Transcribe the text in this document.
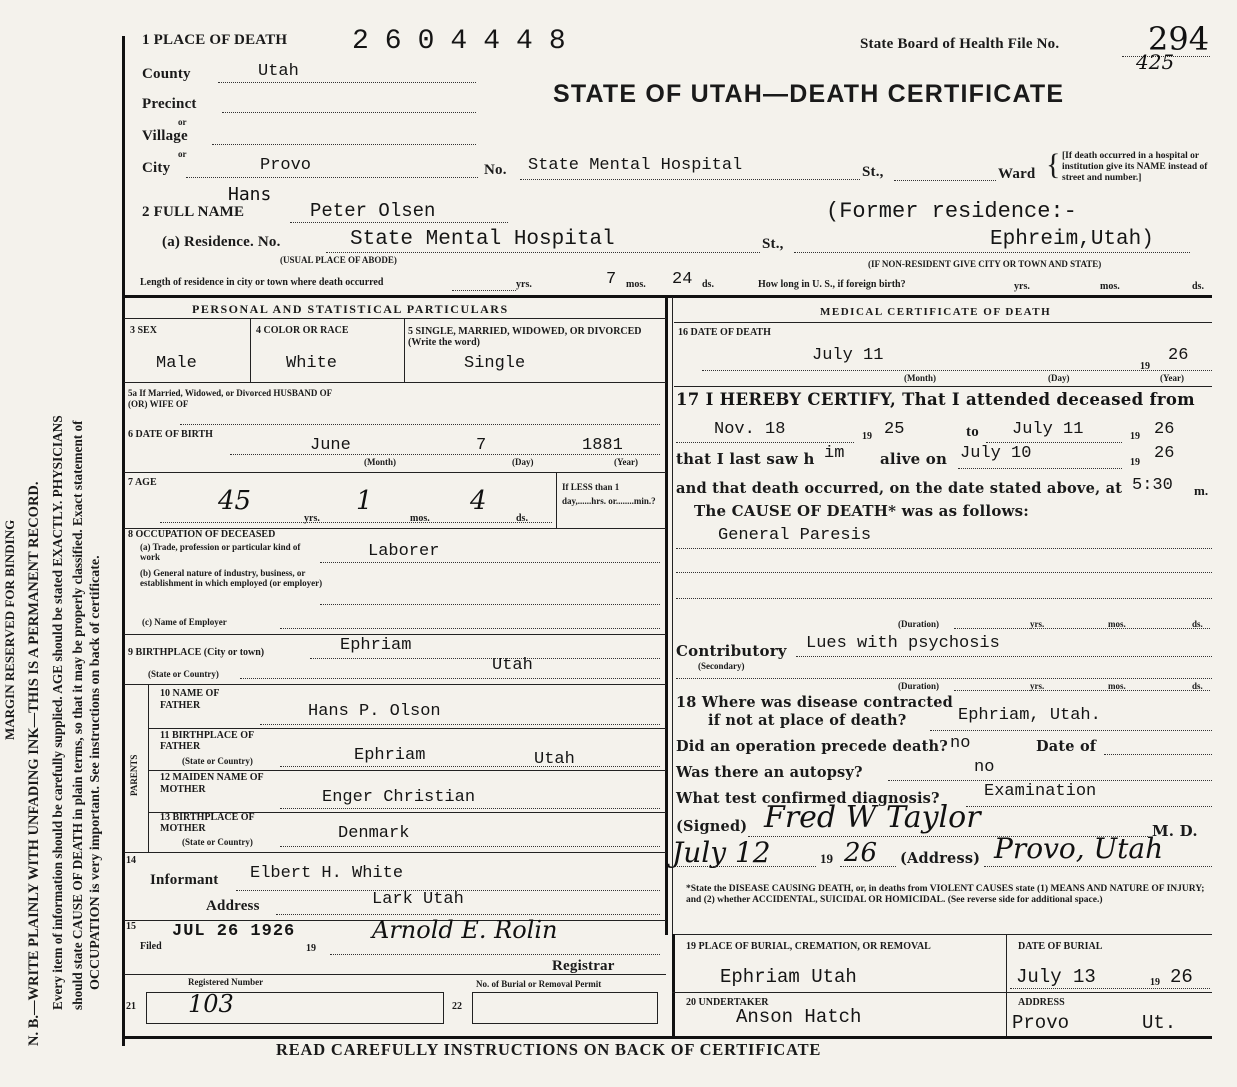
N. B.—WRITE PLAINLY WITH UNFADING INK—THIS IS A PERMANENT RECORD. Every item of information should be carefully supplied. AGE should be stated EXACTLY. PHYSICIANS should state CAUSE OF DEATH in plain terms, so that it may be properly classified. Exact statement of OCCUPATION is very important. See instructions on back of certificate.
MARGIN RESERVED FOR BINDING
1 PLACE OF DEATH 2604448	State Board of Health File No.	294
425
STATE OF UTAH—DEATH CERTIFICATE
County	Utah
Precinct
or
Village
or
City	Provo	No. State Mental Hospital	St.,	Ward { [If death occurred in a hospital or institution give its NAME instead of street and number.]
Hans
2 FULL NAME	Peter Olsen	(Former residence:-
(a) Residence. No.	State Mental Hospital	St.,	Ephreim,Utah)
(USUAL PLACE OF ABODE)	(IF NON-RESIDENT GIVE CITY OR TOWN AND STATE)
Length of residence in city or town where death occurred	yrs.	7 mos. 24 ds.	How long in U. S., if foreign birth?	yrs.	mos.	ds.
PERSONAL AND STATISTICAL PARTICULARS
3 SEX
Male
4 COLOR OR RACE
White
5 SINGLE, MARRIED, WIDOWED, OR DIVORCED (Write the word)
Single
5a If Married, Widowed, or Divorced HUSBAND OF (OR) WIFE OF
6 DATE OF BIRTH
June	7	1881
(Month)	(Day)	(Year)
7 AGE
45
yrs.
1
mos.
4
ds.
If LESS than 1 day,......hrs. or........min.?
8 OCCUPATION OF DECEASED
(a) Trade, profession or particular kind of work	Laborer
(b) General nature of industry, business, or establishment in which employed (or employer)
(c) Name of Employer
9 BIRTHPLACE (City or town)	Ephriam
(State or Country)	Utah
PARENTS
10 NAME OF FATHER	Hans P. Olson
11 BIRTHPLACE OF FATHER
(State or Country)	Ephriam	Utah
12 MAIDEN NAME OF MOTHER	Enger Christian
13 BIRTHPLACE OF MOTHER
(State or Country)	Denmark
14
Informant Elbert H. White
Address	Lark Utah
15
Filed
JUL 26 1926
19
Arnold E. Rolin
Registrar
Registered Number	No. of Burial or Removal Permit
21 103	22
MEDICAL CERTIFICATE OF DEATH
16 DATE OF DEATH
July 11
19
26
(Month)	(Day)	(Year)
17 I HEREBY CERTIFY, That I attended deceased from
Nov. 18	19 25	to July 11	19 26
that I last saw h im alive on July 10	19 26
and that death occurred, on the date stated above, at 5:30 m.
The CAUSE OF DEATH* was as follows:
General Paresis
(Duration)	yrs.	mos.	ds.
Contributory
(Secondary)
Lues with psychosis
(Duration)	yrs.	mos.	ds.
18 Where was disease contracted
if not at place of death?	Ephriam, Utah.
Did an operation precede death? no	Date of
Was there an autopsy?	no
What test confirmed diagnosis?	Examination
(Signed) Fred W Taylor	M. D.
July 12	19 26 (Address) Provo, Utah
*State the DISEASE CAUSING DEATH, or, in deaths from VIOLENT CAUSES state (1) MEANS AND NATURE OF INJURY; and (2) whether ACCIDENTAL, SUICIDAL OR HOMICIDAL. (See reverse side for additional space.)
19 PLACE OF BURIAL, CREMATION, OR REMOVAL
Ephriam Utah
DATE OF BURIAL
July 13	19 26
20 UNDERTAKER
Anson Hatch
ADDRESS
Provo	Ut.
READ CAREFULLY INSTRUCTIONS ON BACK OF CERTIFICATE
